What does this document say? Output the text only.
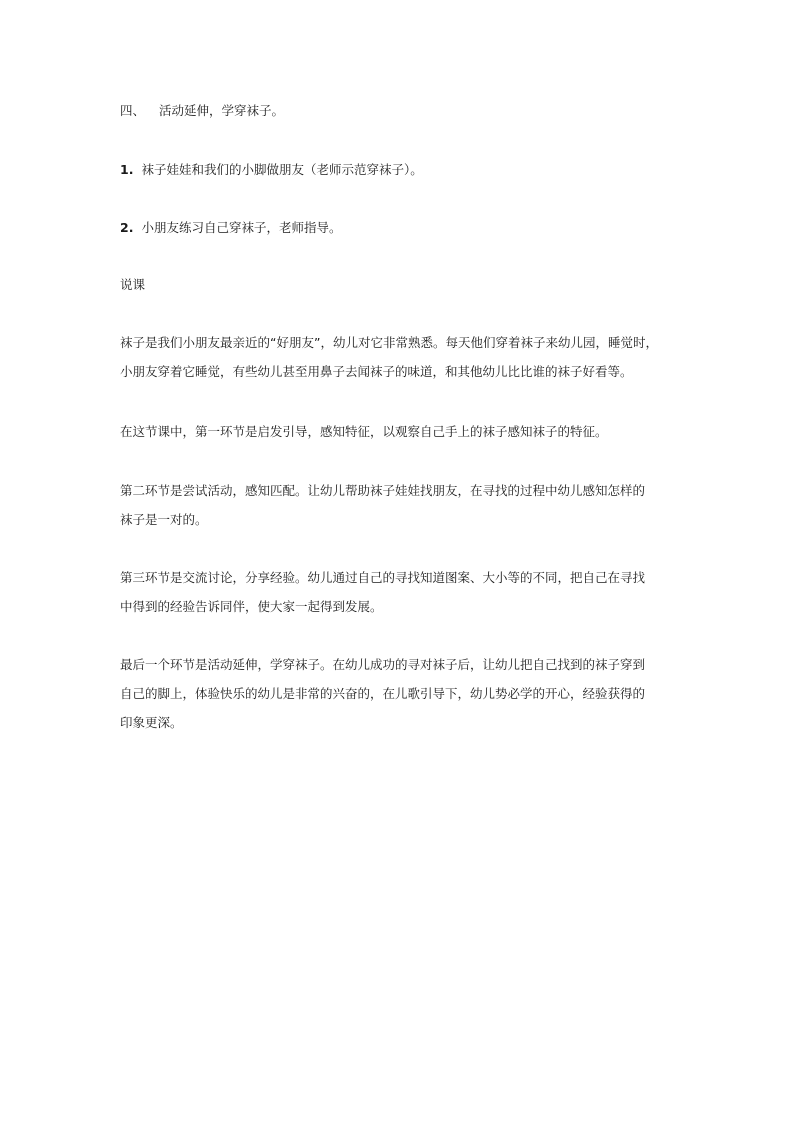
四、 活动延伸，学穿袜子。

1. 袜子娃娃和我们的小脚做朋友（老师示范穿袜子）。

2. 小朋友练习自己穿袜子，老师指导。

说课

袜子是我们小朋友最亲近的“好朋友”，幼儿对它非常熟悉。每天他们穿着袜子来幼儿园，睡觉时，
小朋友穿着它睡觉，有些幼儿甚至用鼻子去闻袜子的味道，和其他幼儿比比谁的袜子好看等。

在这节课中，第一环节是启发引导，感知特征，以观察自己手上的袜子感知袜子的特征。

第二环节是尝试活动，感知匹配。让幼儿帮助袜子娃娃找朋友，在寻找的过程中幼儿感知怎样的
袜子是一对的。

第三环节是交流讨论，分享经验。幼儿通过自己的寻找知道图案、大小等的不同，把自己在寻找
中得到的经验告诉同伴，使大家一起得到发展。

最后一个环节是活动延伸，学穿袜子。在幼儿成功的寻对袜子后，让幼儿把自己找到的袜子穿到
自己的脚上，体验快乐的幼儿是非常的兴奋的，在儿歌引导下，幼儿势必学的开心，经验获得的
印象更深。
